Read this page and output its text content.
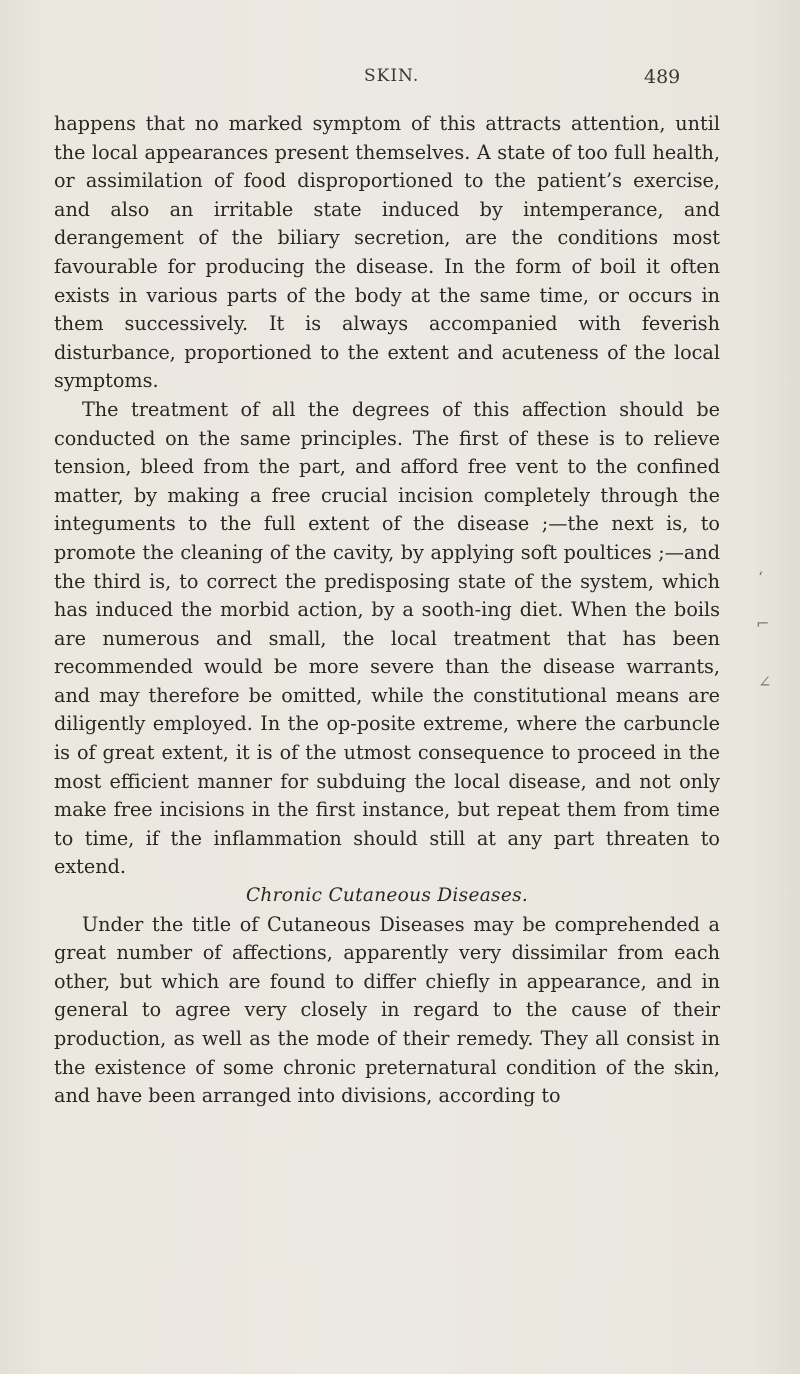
SKIN.	489

happens that no marked symptom of this attracts attention, until the local appearances present themselves. A state of too full health, or assimilation of food disproportioned to the patient’s exercise, and also an irritable state induced by intemperance, and derangement of the biliary secretion, are the conditions most favourable for producing the disease. In the form of boil it often exists in various parts of the body at the same time, or occurs in them successively. It is always accompanied with feverish disturbance, proportioned to the extent and acuteness of the local symptoms.

The treatment of all the degrees of this affection should be conducted on the same principles. The first of these is to relieve tension, bleed from the part, and afford free vent to the confined matter, by making a free crucial incision completely through the integuments to the full extent of the disease ;—the next is, to promote the cleaning of the cavity, by applying soft poultices ;—and the third is, to correct the predisposing state of the system, which has induced the morbid action, by a sooth-ing diet. When the boils are numerous and small, the local treatment that has been recommended would be more severe than the disease warrants, and may therefore be omitted, while the constitutional means are diligently employed. In the op-posite extreme, where the carbuncle is of great extent, it is of the utmost consequence to proceed in the most efficient manner for subduing the local disease, and not only make free incisions in the first instance, but repeat them from time to time, if the inflammation should still at any part threaten to extend.

Chronic Cutaneous Diseases.

Under the title of Cutaneous Diseases may be comprehended a great number of affections, apparently very dissimilar from each other, but which are found to differ chiefly in appearance, and in general to agree very closely in regard to the cause of their production, as well as the mode of their remedy. They all consist in the existence of some chronic preternatural condition of the skin, and have been arranged into divisions, according to

‘
⌐
∠
